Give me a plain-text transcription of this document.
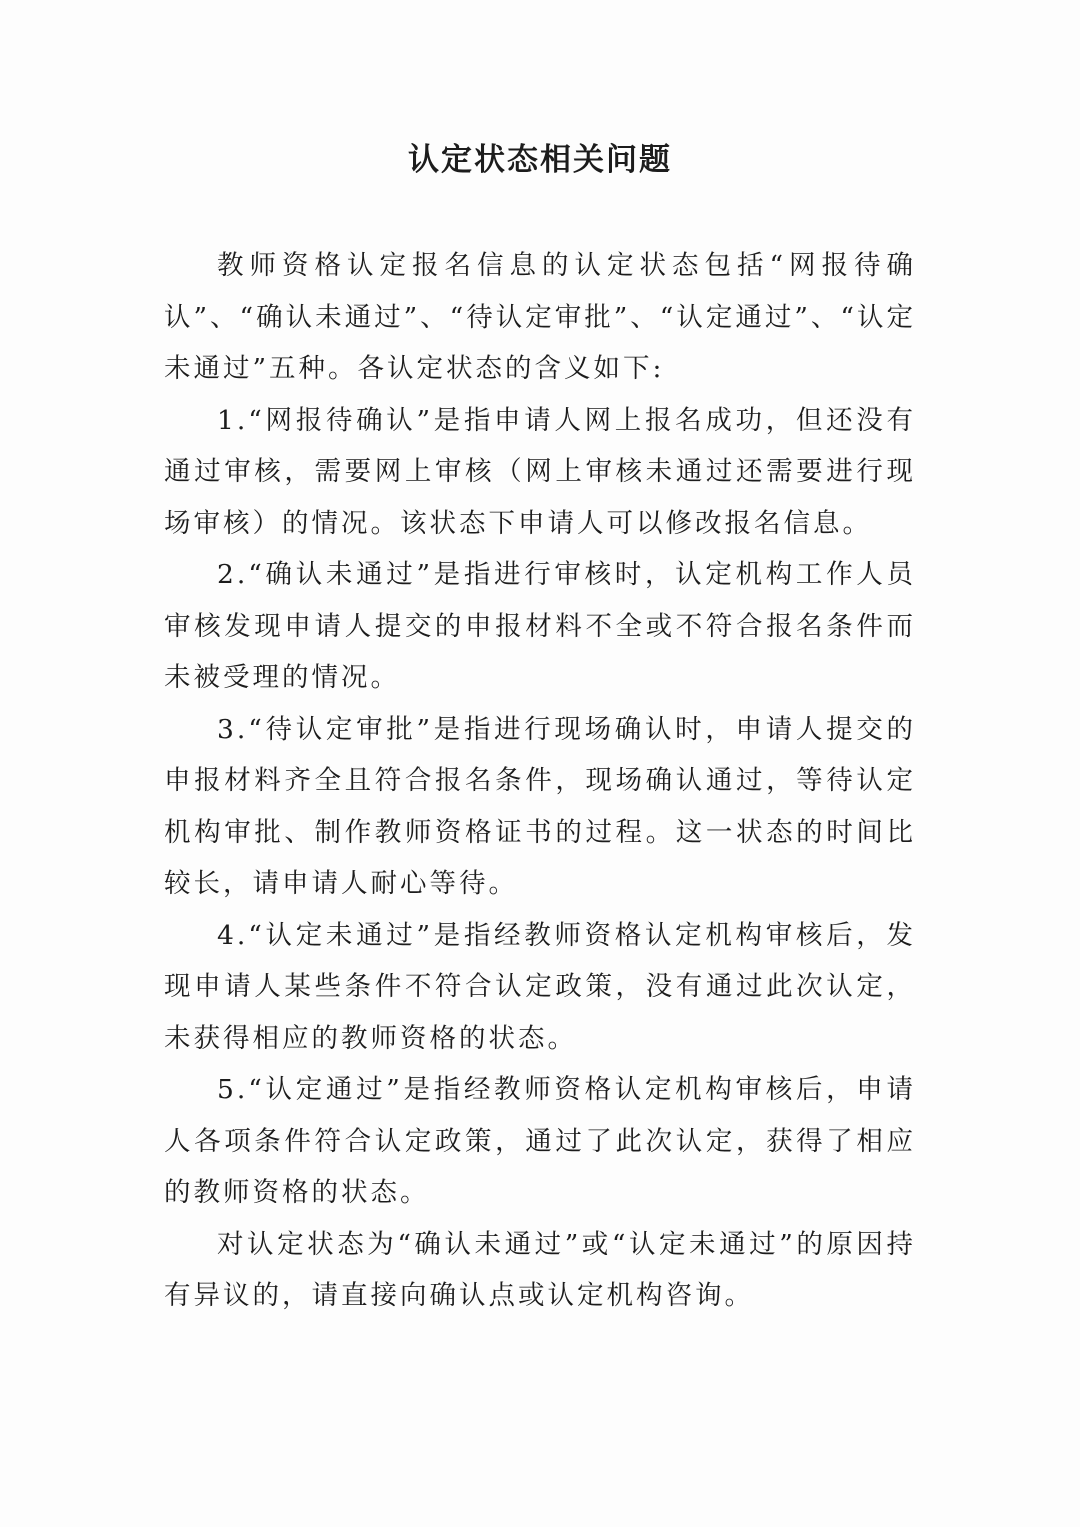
认定状态相关问题

教师资格认定报名信息的认定状态包括“网报待确认”、“确认未通过”、“待认定审批”、“认定通过”、“认定未通过”五种。各认定状态的含义如下:

1.“网报待确认”是指申请人网上报名成功，但还没有通过审核，需要网上审核（网上审核未通过还需要进行现场审核）的情况。该状态下申请人可以修改报名信息。

2.“确认未通过”是指进行审核时，认定机构工作人员审核发现申请人提交的申报材料不全或不符合报名条件而未被受理的情况。

3.“待认定审批”是指进行现场确认时，申请人提交的申报材料齐全且符合报名条件，现场确认通过，等待认定机构审批、制作教师资格证书的过程。这一状态的时间比较长，请申请人耐心等待。

4.“认定未通过”是指经教师资格认定机构审核后，发现申请人某些条件不符合认定政策，没有通过此次认定，未获得相应的教师资格的状态。

5.“认定通过”是指经教师资格认定机构审核后，申请人各项条件符合认定政策，通过了此次认定，获得了相应的教师资格的状态。

对认定状态为“确认未通过”或“认定未通过”的原因持有异议的，请直接向确认点或认定机构咨询。
